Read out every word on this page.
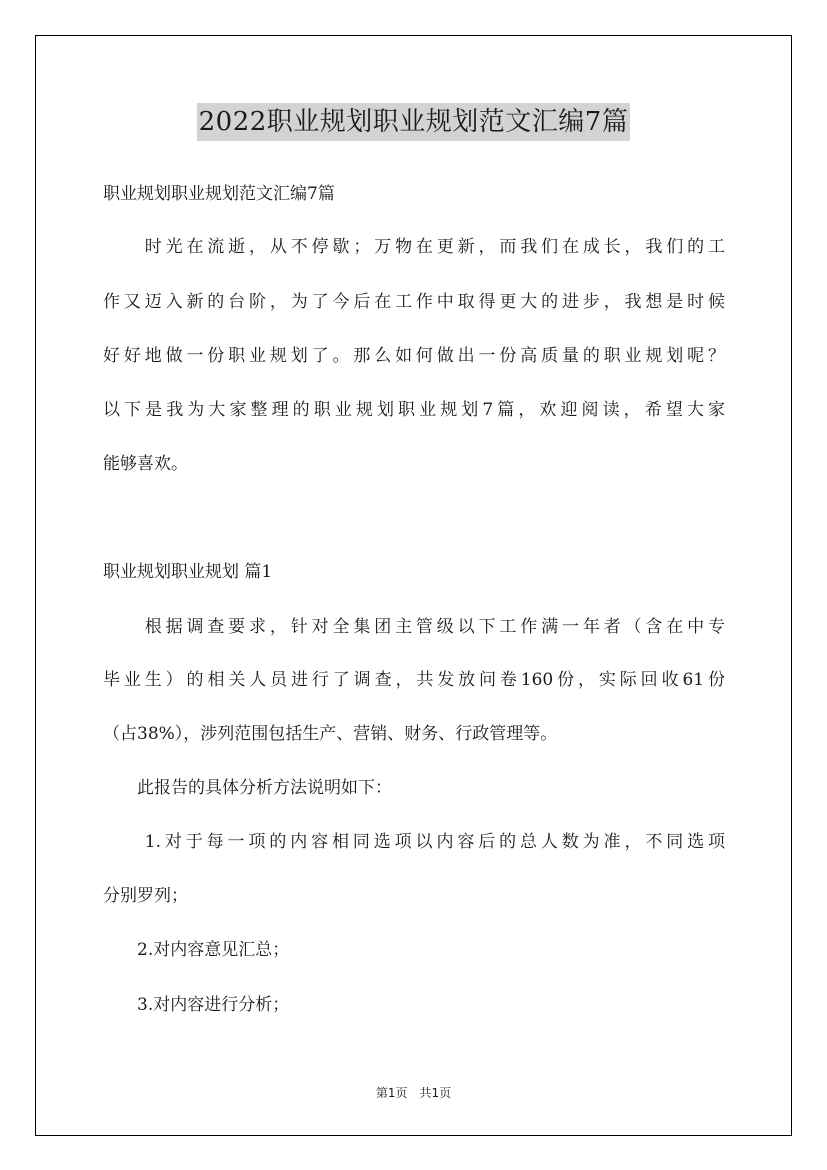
2022职业规划职业规划范文汇编7篇
职业规划职业规划范文汇编7篇
　　时光在流逝，从不停歇；万物在更新，而我们在成长，我们的工
作又迈入新的台阶，为了今后在工作中取得更大的进步，我想是时候
好好地做一份职业规划了。那么如何做出一份高质量的职业规划呢？
以下是我为大家整理的职业规划职业规划7篇，欢迎阅读，希望大家
能够喜欢。
职业规划职业规划 篇1
　　根据调查要求，针对全集团主管级以下工作满一年者（含在中专
毕业生）的相关人员进行了调查，共发放问卷160份，实际回收61份
（占38%），涉列范围包括生产、营销、财务、行政管理等。
　　此报告的具体分析方法说明如下：
　　1.对于每一项的内容相同选项以内容后的总人数为准，不同选项
分别罗列；
　　2.对内容意见汇总；
　　3.对内容进行分析；
第1页　共1页
